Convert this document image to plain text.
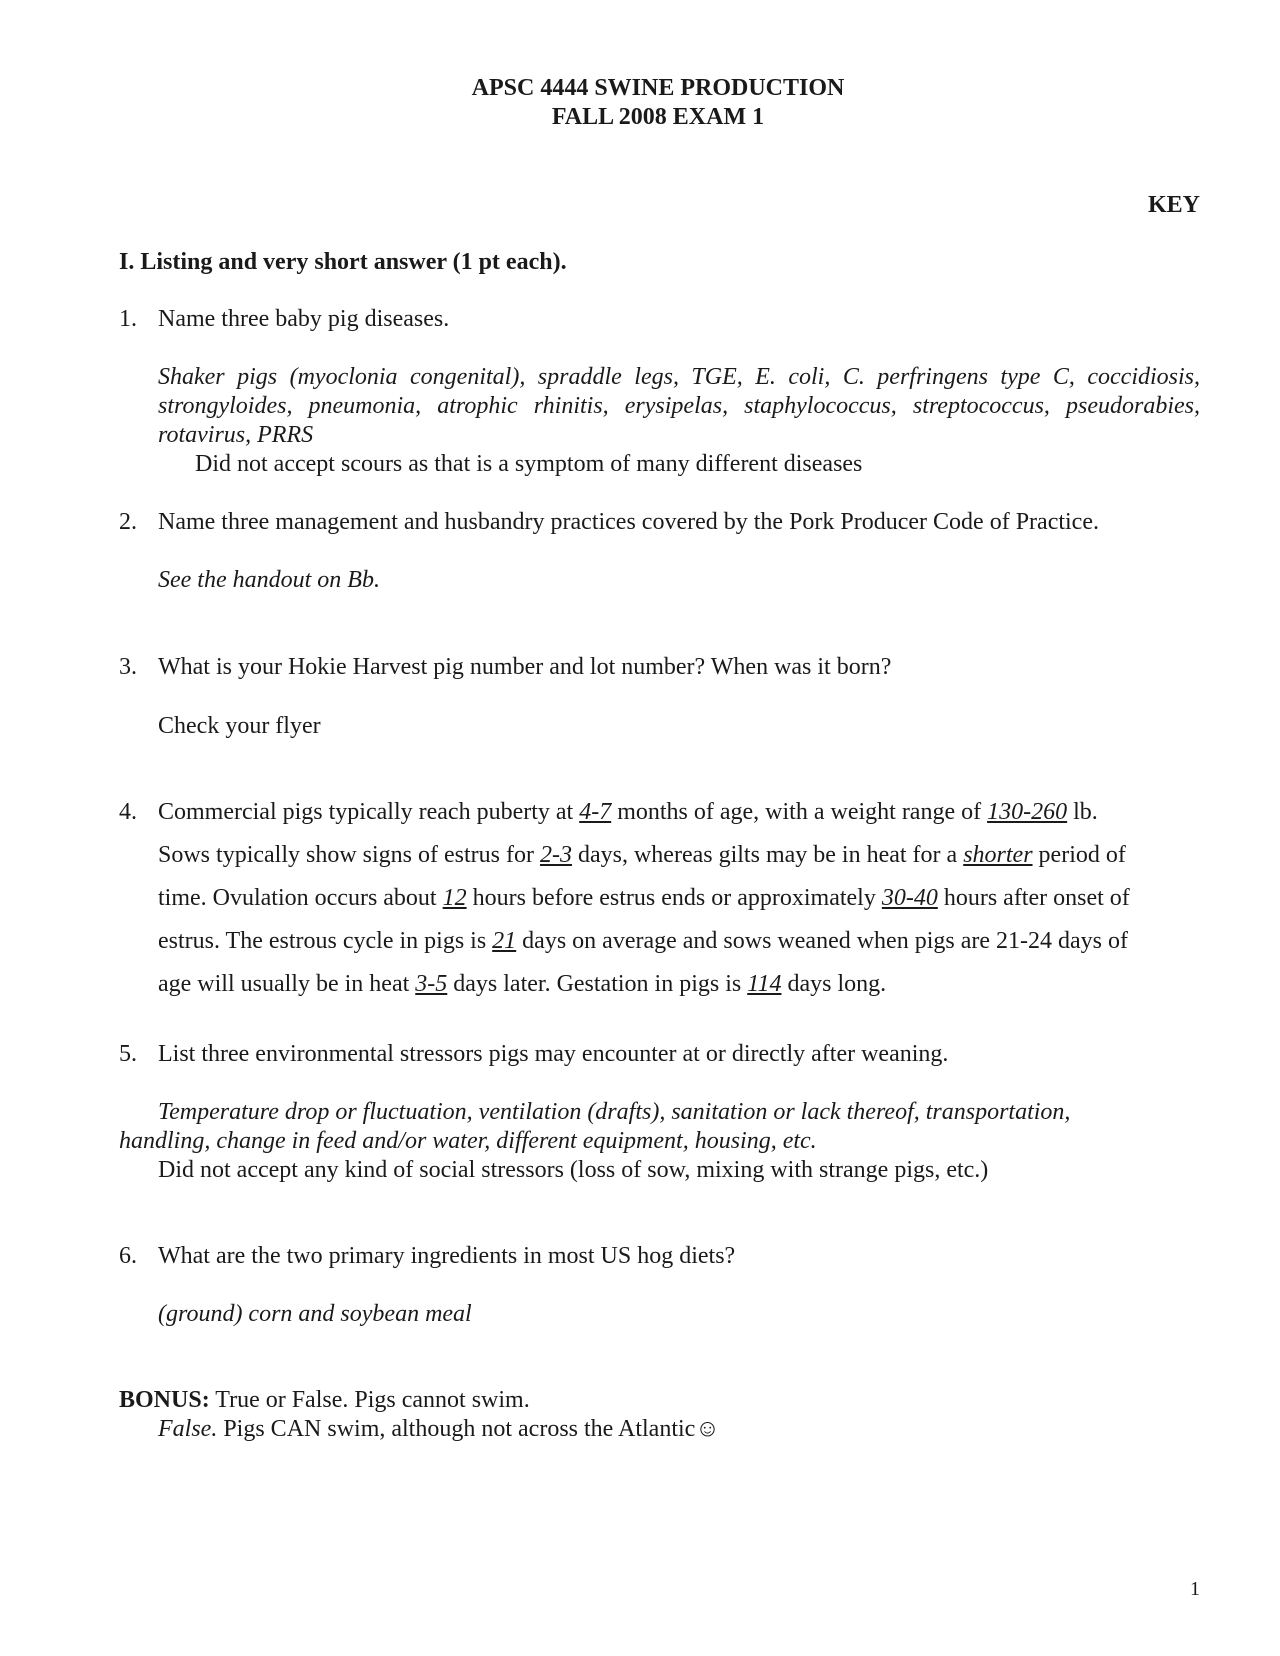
APSC 4444 SWINE PRODUCTION
FALL 2008 EXAM 1
KEY
I. Listing and very short answer (1 pt each).
1. Name three baby pig diseases.
Shaker pigs (myoclonia congenital), spraddle legs, TGE, E. coli, C. perfringens type C, coccidiosis, strongyloides, pneumonia, atrophic rhinitis, erysipelas, staphylococcus, streptococcus, pseudorabies, rotavirus, PRRS
Did not accept scours as that is a symptom of many different diseases
2. Name three management and husbandry practices covered by the Pork Producer Code of Practice.
See the handout on Bb.
3. What is your Hokie Harvest pig number and lot number? When was it born?
Check your flyer
4. Commercial pigs typically reach puberty at 4-7 months of age, with a weight range of 130-260 lb.
Sows typically show signs of estrus for 2-3 days, whereas gilts may be in heat for a shorter period of
time. Ovulation occurs about 12 hours before estrus ends or approximately 30-40 hours after onset of
estrus. The estrous cycle in pigs is 21 days on average and sows weaned when pigs are 21-24 days of
age will usually be in heat 3-5 days later. Gestation in pigs is 114 days long.
5. List three environmental stressors pigs may encounter at or directly after weaning.
Temperature drop or fluctuation, ventilation (drafts), sanitation or lack thereof, transportation,
handling, change in feed and/or water, different equipment, housing, etc.
Did not accept any kind of social stressors (loss of sow, mixing with strange pigs, etc.)
6. What are the two primary ingredients in most US hog diets?
(ground) corn and soybean meal
BONUS: True or False. Pigs cannot swim.
False. Pigs CAN swim, although not across the Atlantic☺
1
